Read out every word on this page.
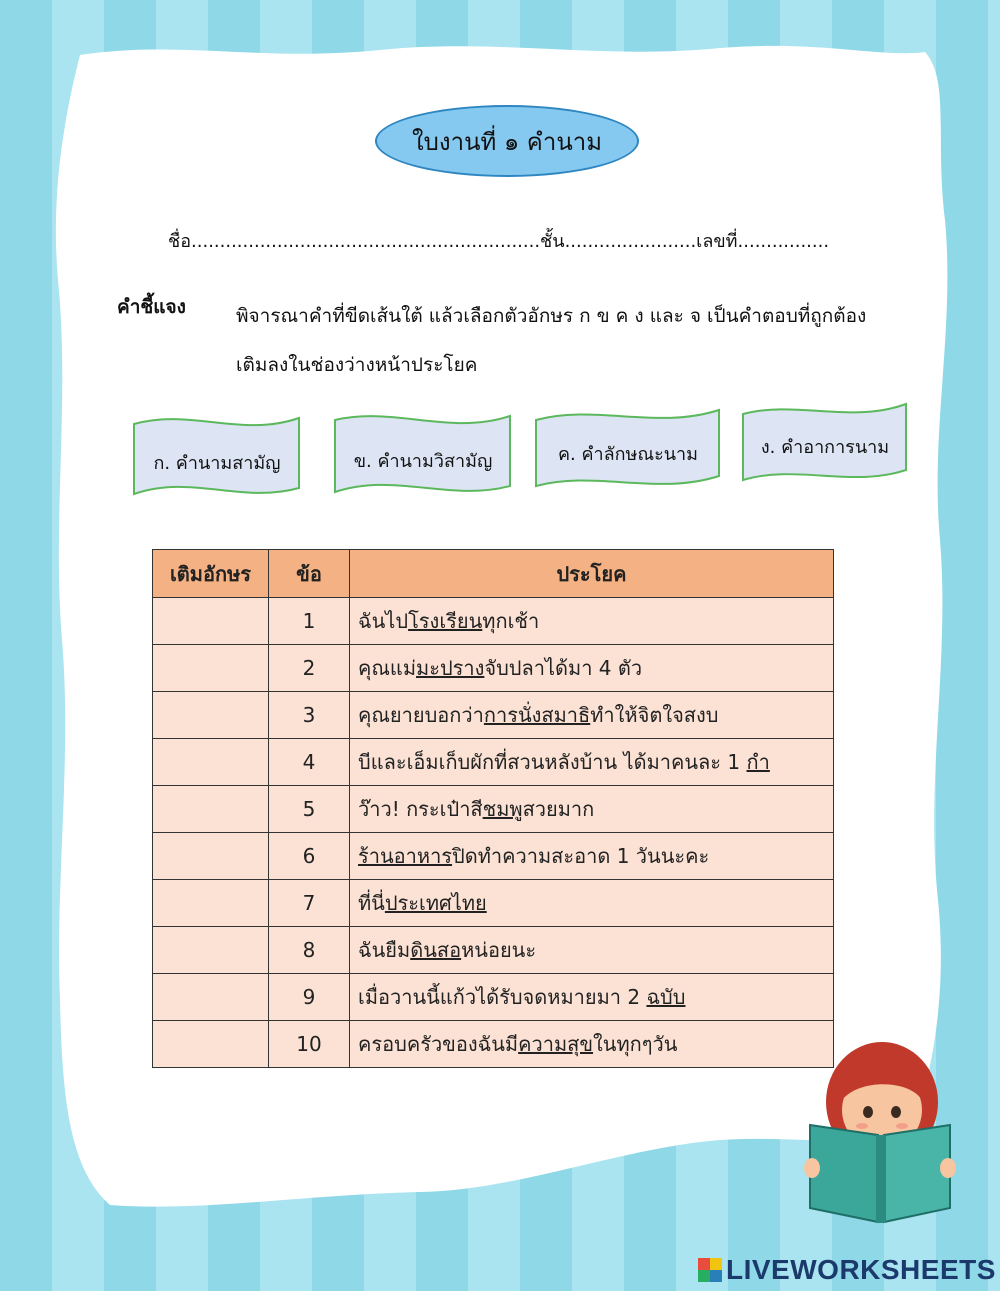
ใบงานที่ ๑ คำนาม
ชื่อ.............................................................ชั้น.......................เลขที่................
คำชี้แจง	พิจารณาคำที่ขีดเส้นใต้ แล้วเลือกตัวอักษร ก ข ค ง และ จ เป็นคำตอบที่ถูกต้องเติมลงในช่องว่างหน้าประโยค
ก. คำนามสามัญ	ข. คำนามวิสามัญ	ค. คำลักษณะนาม	ง. คำอาการนาม
เติมอักษร	ข้อ	ประโยค
	1	ฉันไปโรงเรียนทุกเช้า
	2	คุณแม่มะปรางจับปลาได้มา 4 ตัว
	3	คุณยายบอกว่าการนั่งสมาธิทำให้จิตใจสงบ
	4	บีและเอ็มเก็บผักที่สวนหลังบ้าน ได้มาคนละ 1 กำ
	5	ว๊าว! กระเป๋าสีชมพูสวยมาก
	6	ร้านอาหารปิดทำความสะอาด 1 วันนะคะ
	7	ที่นี่ประเทศไทย
	8	ฉันยืมดินสอหน่อยนะ
	9	เมื่อวานนี้แก้วได้รับจดหมายมา 2 ฉบับ
	10	ครอบครัวของฉันมีความสุขในทุกๆวัน
LIVEWORKSHEETS
